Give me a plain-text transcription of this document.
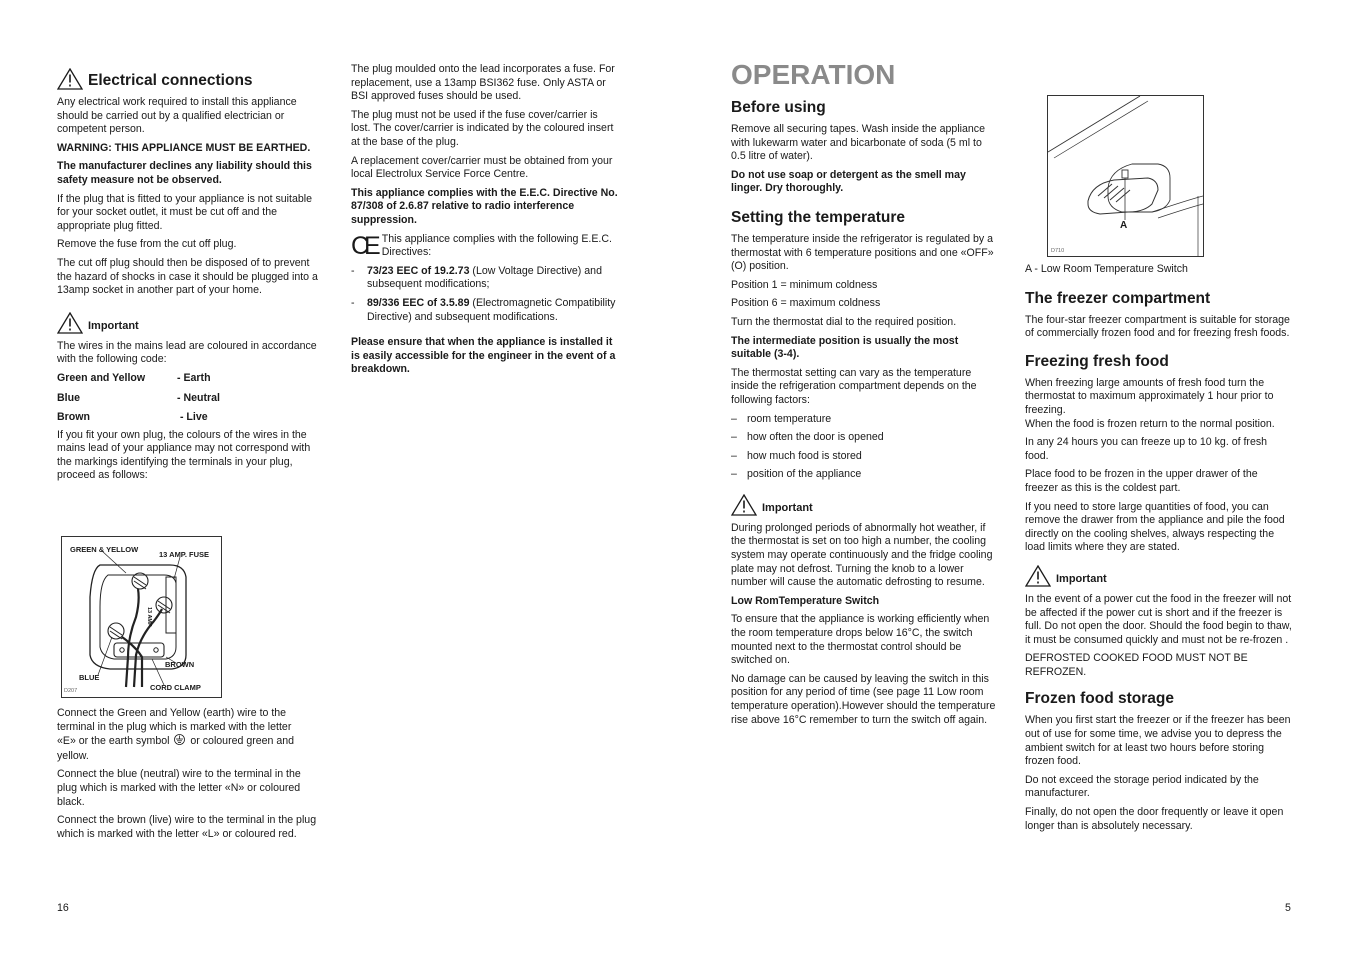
Electrical connections

Any electrical work required to install this appliance should be carried out by a qualified electrician or competent person.

WARNING: THIS APPLIANCE MUST BE EARTHED.

The manufacturer declines any liability should this safety measure not be observed.

If the plug that is fitted to your appliance is not suitable for your socket outlet, it must be cut off and the appropriate plug fitted.

Remove the fuse from the cut off plug.

The cut off plug should then be disposed of to prevent the hazard of shocks in case it should be plugged into a 13amp socket in another part of your home.

Important

The wires in the mains lead are coloured in accordance with the following code:

Green and Yellow	- Earth
Blue	- Neutral
Brown	- Live

If you fit your own plug, the colours of the wires in the mains lead of your appliance may not correspond with the markings identifying the terminals in your plug, proceed as follows:

GREEN & YELLOW
13 AMP. FUSE
13 AMP
BROWN
BLUE
CORD CLAMP
D207

Connect the Green and Yellow (earth) wire to the terminal in the plug which is marked with the letter

«E» or the earth symbol or coloured green and yellow.

Connect the blue (neutral) wire to the terminal in the plug which is marked with the letter «N» or coloured black.

Connect the brown (live) wire to the terminal in the plug which is marked with the letter «L» or coloured red.

16

The plug moulded onto the lead incorporates a fuse. For replacement, use a 13amp BSI362 fuse. Only ASTA or BSI approved fuses should be used.

The plug must not be used if the fuse cover/carrier is lost. The cover/carrier is indicated by the coloured insert at the base of the plug.

A replacement cover/carrier must be obtained from your local Electrolux Service Force Centre.

This appliance complies with the E.E.C. Directive No. 87/308 of 2.6.87 relative to radio interference suppression.

CE This appliance complies with the following E.E.C. Directives:
-	73/23 EEC of 19.2.73 (Low Voltage Directive) and subsequent modifications;
-	89/336 EEC of 3.5.89 (Electromagnetic Compatibility Directive) and subsequent modifications.

Please ensure that when the appliance is installed it is easily accessible for the engineer in the event of a breakdown.

OPERATION
Before using

Remove all securing tapes. Wash inside the appliance with lukewarm water and bicarbonate of soda (5 ml to 0.5 litre of water).

Do not use soap or detergent as the smell may linger. Dry thoroughly.

Setting the temperature

The temperature inside the refrigerator is regulated by a thermostat with 6 temperature positions and one «OFF» (O) position.

Position 1 = minimum coldness

Position 6 = maximum coldness

Turn the thermostat dial to the required position.

The intermediate position is usually the most suitable (3-4).

The thermostat setting can vary as the temperature inside the refrigeration compartment depends on the following factors:

– room temperature
– how often the door is opened
– how much food is stored
– position of the appliance
Important

During prolonged periods of abnormally hot weather, if the thermostat is set on too high a number, the cooling system may operate continuously and the fridge cooling plate may not defrost. Turning the knob to a lower number will cause the automatic defrosting to resume.

Low RomTemperature Switch

To ensure that the appliance is working efficiently when the room temperature drops below 16°C, the switch mounted next to the thermostat control should be switched on.

No damage can be caused by leaving the switch in this position for any period of time (see page 11 Low room temperature operation).However should the temperature rise above 16°C remember to turn the switch off again.

A
D710

A - Low Room Temperature Switch

The freezer compartment

The four-star freezer compartment is suitable for storage of commercially frozen food and for freezing fresh foods.

Freezing fresh food

When freezing large amounts of fresh food turn the thermostat to maximum approximately 1 hour prior to freezing.

When the food is frozen return to the normal position.

In any 24 hours you can freeze up to 10 kg. of fresh food.

Place food to be frozen in the upper drawer of the freezer as this is the coldest part.

If you need to store large quantities of food, you can remove the drawer from the appliance and pile the food directly on the cooling shelves, always respecting the load limits where they are stated.

Important

In the event of a power cut the food in the freezer will not be affected if the power cut is short and if the freezer is full. Do not open the door. Should the food begin to thaw, it must be consumed quickly and must not be re-frozen .

DEFROSTED COOKED FOOD MUST NOT BE REFROZEN.

Frozen food storage

When you first start the freezer or if the freezer has been out of use for some time, we advise you to depress the ambient switch for at least two hours before storing frozen food.

Do not exceed the storage period indicated by the manufacturer.

Finally, do not open the door frequently or leave it open longer than is absolutely necessary.

5
